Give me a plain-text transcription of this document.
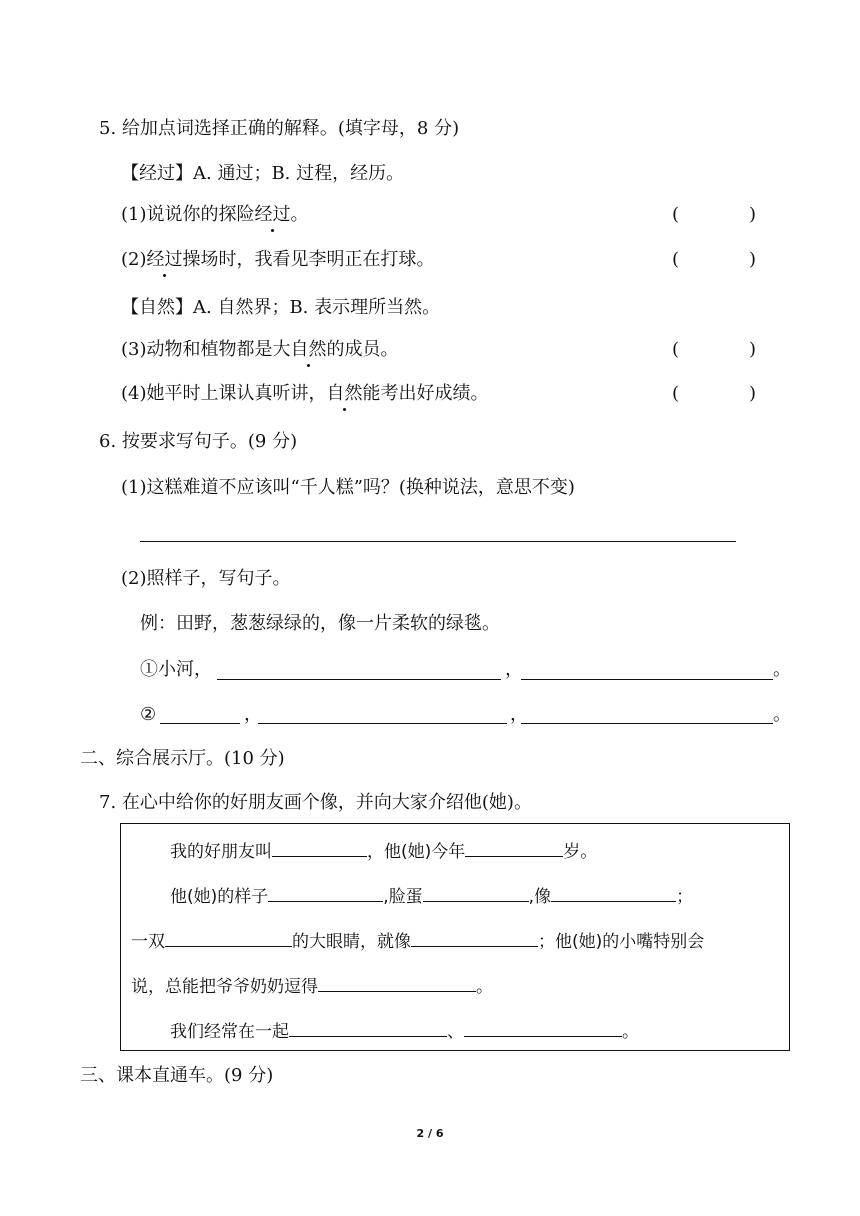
5. 给加点词选择正确的解释。(填字母，8 分)
【经过】A. 通过；B. 过程，经历。
(1)说说你的探险经过。	(	)
(2)经过操场时，我看见李明正在打球。	(	)
【自然】A. 自然界；B. 表示理所当然。
(3)动物和植物都是大自然的成员。	(	)
(4)她平时上课认真听讲，自然能考出好成绩。	(	)
6. 按要求写句子。(9 分)
(1)这糕难道不应该叫“千人糕”吗？(换种说法，意思不变)
(2)照样子，写句子。
例：田野，葱葱绿绿的，像一片柔软的绿毯。
①小河，	，	。
②	，	，	。
二、综合展示厅。(10 分)
7. 在心中给你的好朋友画个像，并向大家介绍他(她)。
我的好朋友叫	，他(她)今年	岁。
他(她)的样子	,脸蛋	,像	；
一双	的大眼睛，就像	；他(她)的小嘴特别会
说，总能把爷爷奶奶逗得	。
我们经常在一起	、	。
三、课本直通车。(9 分)
2 / 6
